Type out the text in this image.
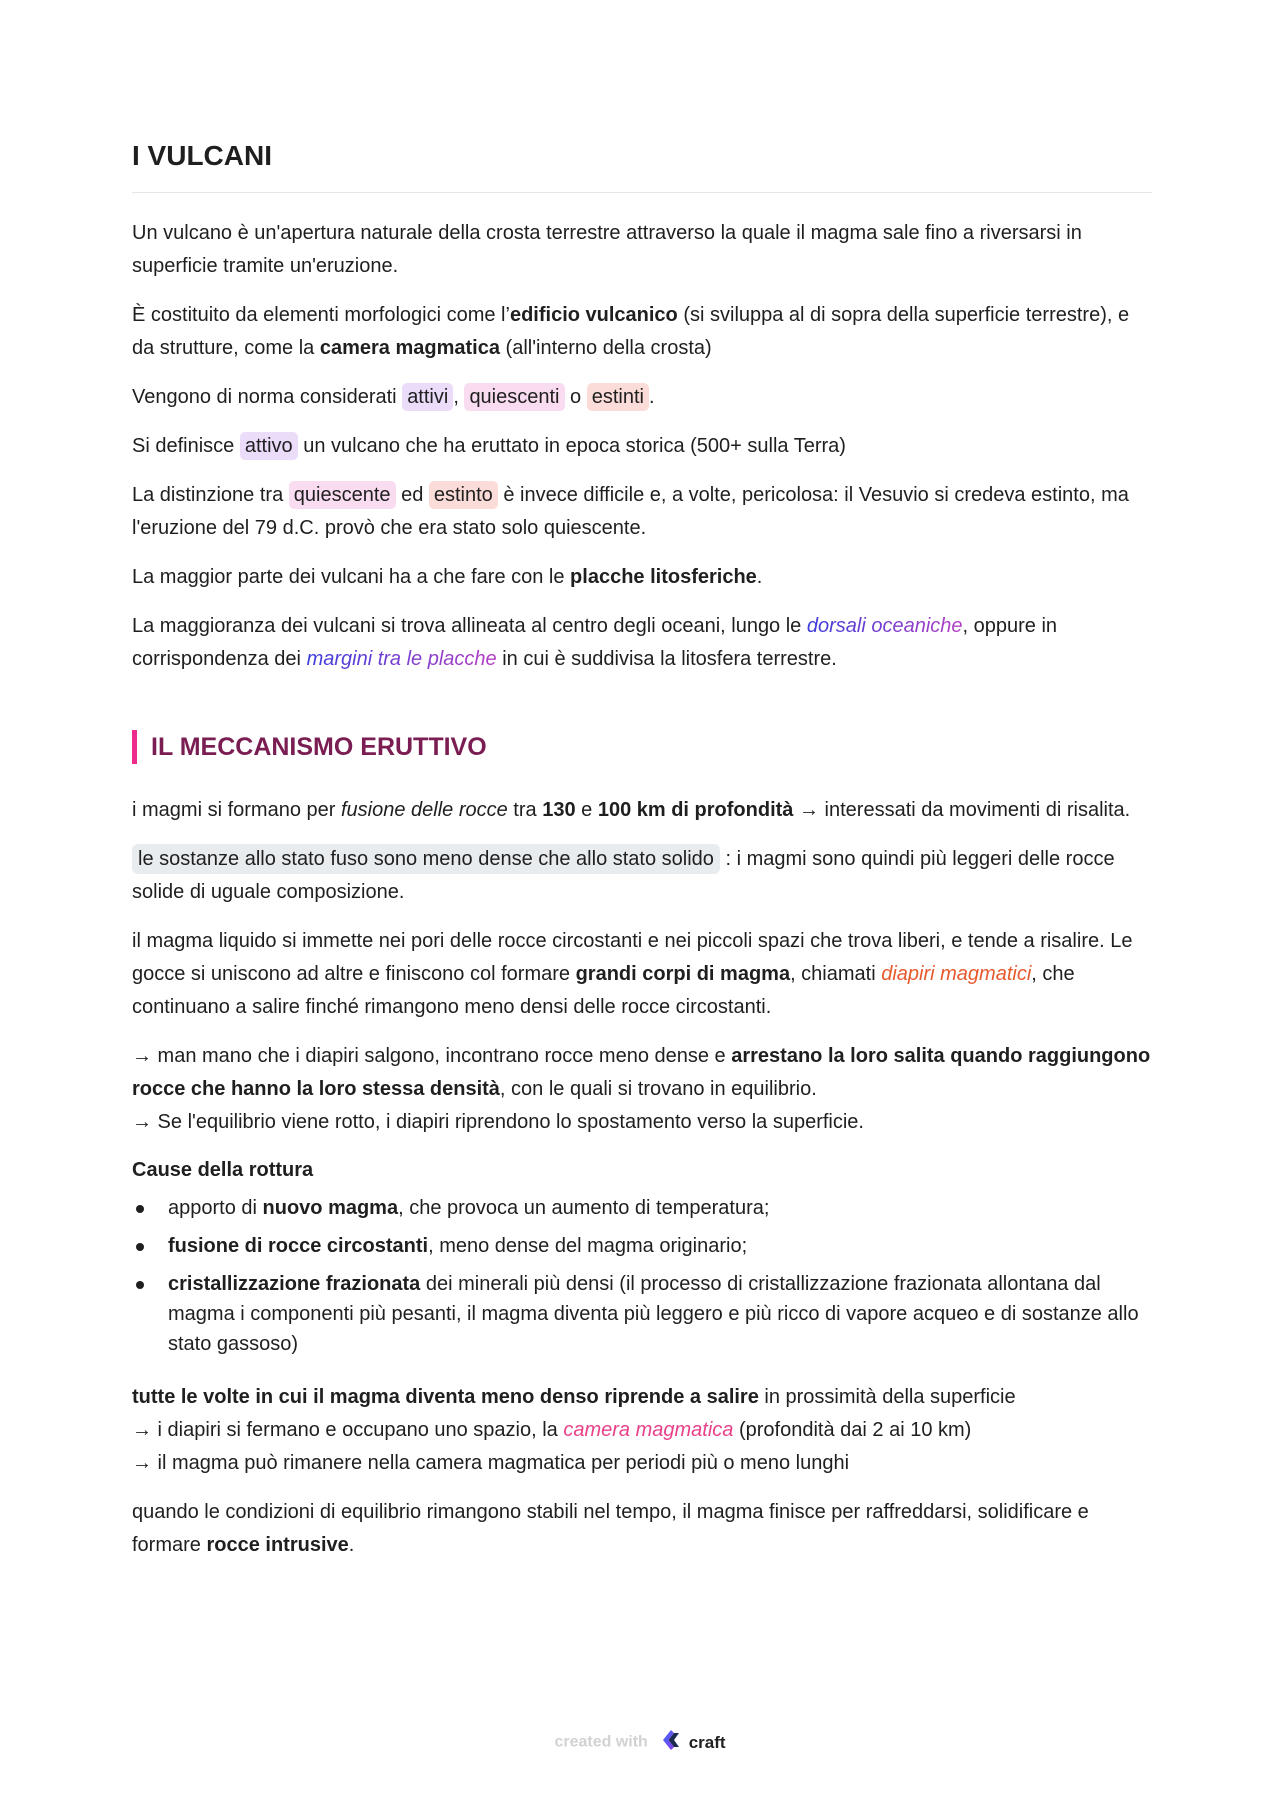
I VULCANI

Un vulcano è un'apertura naturale della crosta terrestre attraverso la quale il magma sale fino a riversarsi in superficie tramite un'eruzione.

È costituito da elementi morfologici come l’edificio vulcanico (si sviluppa al di sopra della superficie terrestre), e da strutture, come la camera magmatica (all'interno della crosta)

Vengono di norma considerati attivi , quiescenti o estinti .

Si definisce attivo un vulcano che ha eruttato in epoca storica (500+ sulla Terra)

La distinzione tra quiescente ed estinto è invece difficile e, a volte, pericolosa: il Vesuvio si credeva estinto, ma l'eruzione del 79 d.C. provò che era stato solo quiescente.

La maggior parte dei vulcani ha a che fare con le placche litosferiche.

La maggioranza dei vulcani si trova allineata al centro degli oceani, lungo le dorsali oceaniche, oppure in corrispondenza dei margini tra le placche in cui è suddivisa la litosfera terrestre.

IL MECCANISMO ERUTTIVO

i magmi si formano per fusione delle rocce tra 130 e 100 km di profondità → interessati da movimenti di risalita.

le sostanze allo stato fuso sono meno dense che allo stato solido : i magmi sono quindi più leggeri delle rocce solide di uguale composizione.

il magma liquido si immette nei pori delle rocce circostanti e nei piccoli spazi che trova liberi, e tende a risalire. Le gocce si uniscono ad altre e finiscono col formare grandi corpi di magma, chiamati diapiri magmatici, che continuano a salire finché rimangono meno densi delle rocce circostanti.

→ man mano che i diapiri salgono, incontrano rocce meno dense e arrestano la loro salita quando raggiungono rocce che hanno la loro stessa densità, con le quali si trovano in equilibrio.
→ Se l'equilibrio viene rotto, i diapiri riprendono lo spostamento verso la superficie.

Cause della rottura
apporto di nuovo magma, che provoca un aumento di temperatura;
fusione di rocce circostanti, meno dense del magma originario;
cristallizzazione frazionata dei minerali più densi (il processo di cristallizzazione frazionata allontana dal magma i componenti più pesanti, il magma diventa più leggero e più ricco di vapore acqueo e di sostanze allo stato gassoso)

tutte le volte in cui il magma diventa meno denso riprende a salire in prossimità della superficie
→ i diapiri si fermano e occupano uno spazio, la camera magmatica (profondità dai 2 ai 10 km)
→ il magma può rimanere nella camera magmatica per periodi più o meno lunghi

quando le condizioni di equilibrio rimangono stabili nel tempo, il magma finisce per raffreddarsi, solidificare e formare rocce intrusive.

created with craft
